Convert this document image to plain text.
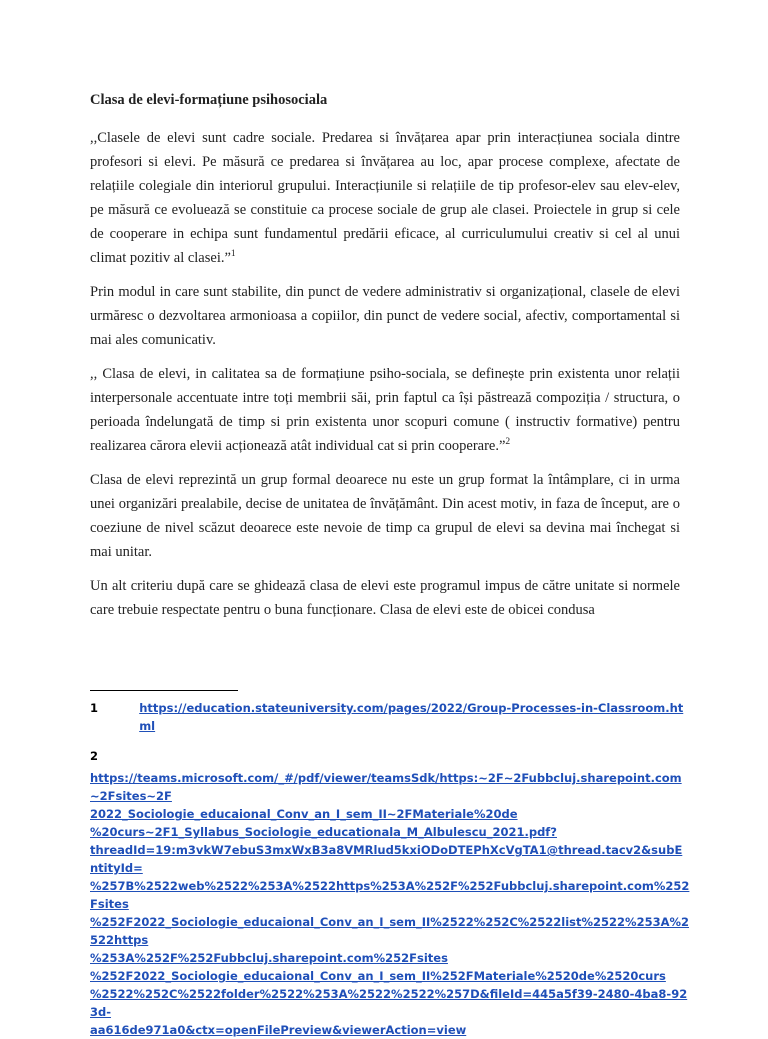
Clasa de elevi-formațiune psihosociala

,,Clasele de elevi sunt cadre sociale. Predarea si învățarea apar prin interacțiunea sociala dintre profesori si elevi. Pe măsură ce predarea si învățarea au loc, apar procese complexe, afectate de relațiile colegiale din interiorul grupului. Interacțiunile si relațiile de tip profesor-elev sau elev-elev, pe măsură ce evoluează se constituie ca procese sociale de grup ale clasei. Proiectele in grup si cele de cooperare in echipa sunt fundamentul predării eficace, al curriculumului creativ si cel al unui climat pozitiv al clasei.”$^1$

Prin modul in care sunt stabilite, din punct de vedere administrativ si organizațional, clasele de elevi urmăresc o dezvoltarea armonioasa a copiilor, din punct de vedere social, afectiv, comportamental si mai ales comunicativ.

,, Clasa de elevi, in calitatea sa de formațiune psiho-sociala, se definește prin existenta unor relații interpersonale accentuate intre toți membrii săi, prin faptul ca își păstrează compoziția / structura, o perioada îndelungată de timp si prin existenta unor scopuri comune ( instructiv formative) pentru realizarea cărora elevii acționează atât individual cat si prin cooperare.”$^2$

Clasa de elevi reprezintă un grup formal deoarece nu este un grup format la întâmplare, ci in urma unei organizări prealabile, decise de unitatea de învățământ. Din acest motiv, in faza de început, are o coeziune de nivel scăzut deoarece este nevoie de timp ca grupul de elevi sa devina mai închegat si mai unitar.

Un alt criteriu după care se ghidează clasa de elevi este programul impus de către unitate si normele care trebuie respectate pentru o buna funcționare. Clasa de elevi este de obicei condusa

1	https://education.stateuniversity.com/pages/2022/Group-Processes-in-Classroom.html
2
https://teams.microsoft.com/_#/pdf/viewer/teamsSdk/https:~2F~2Fubbcluj.sharepoint.com~2Fsites~2F
2022_Sociologie_educaional_Conv_an_I_sem_II~2FMateriale%20de
%20curs~2F1_Syllabus_Sociologie_educationala_M_Albulescu_2021.pdf?
threadId=19:m3vkW7ebuS3mxWxB3a8VMRlud5kxiODoDTEPhXcVgTA1@thread.tacv2&subEntityId=
%257B%2522web%2522%253A%2522https%253A%252F%252Fubbcluj.sharepoint.com%252Fsites
%252F2022_Sociologie_educaional_Conv_an_I_sem_II%2522%252C%2522list%2522%253A%2522https
%253A%252F%252Fubbcluj.sharepoint.com%252Fsites
%252F2022_Sociologie_educaional_Conv_an_I_sem_II%252FMateriale%2520de%2520curs
%2522%252C%2522folder%2522%253A%2522%2522%257D&fileId=445a5f39-2480-4ba8-923d-
aa616de971a0&ctx=openFilePreview&viewerAction=view
